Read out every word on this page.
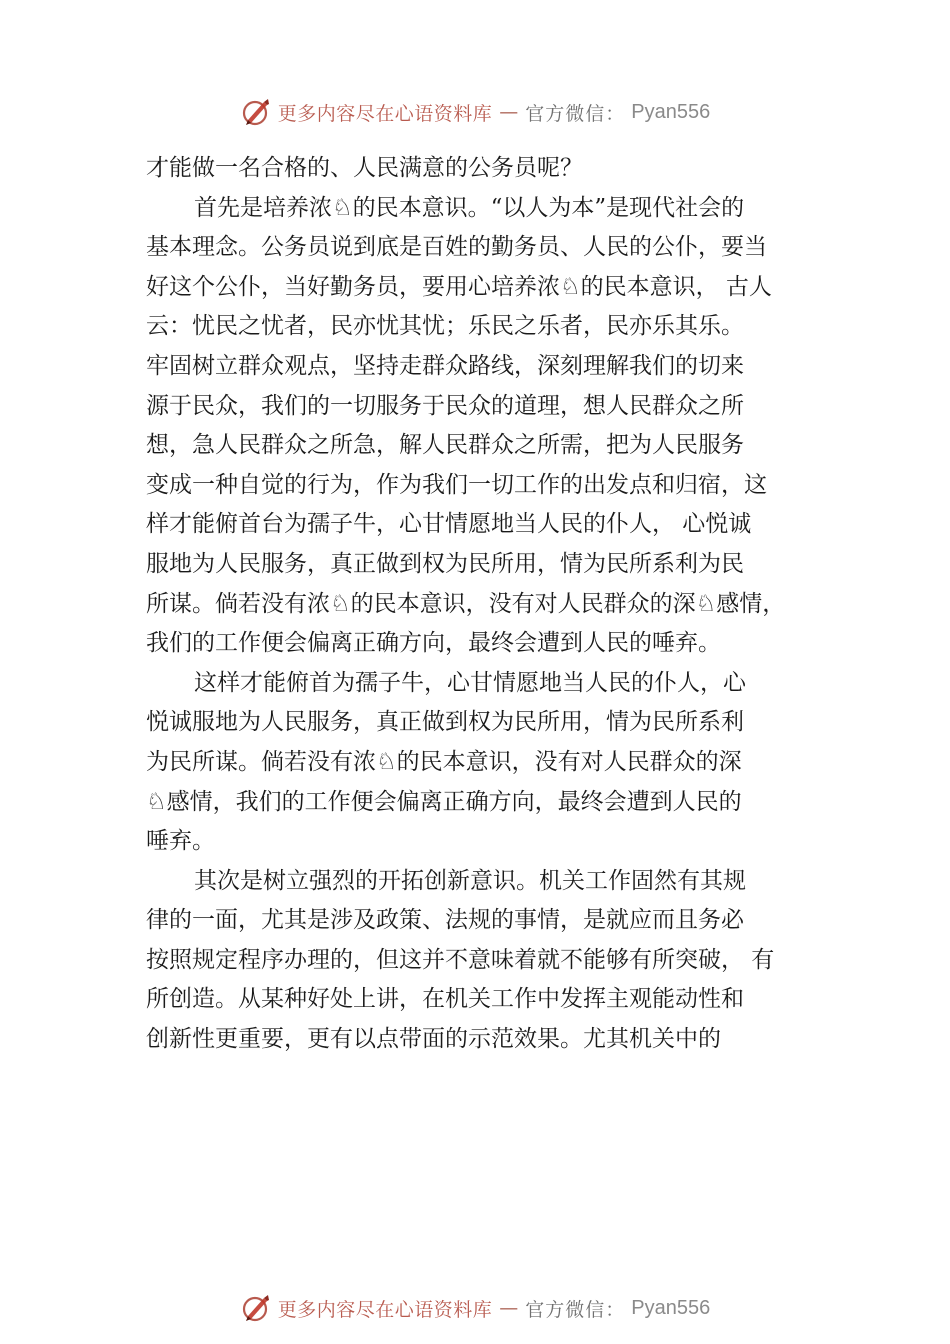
更多内容尽在心语资料库 — 官方微信： Pyan556
才能做一名合格的、人民满意的公务员呢？
首先是培养浓♘的民本意识。“以人为本”是现代社会的
基本理念。公务员说到底是百姓的勤务员、人民的公仆，要当
好这个公仆，当好勤务员，要用心培养浓♘的民本意识， 古人
云：忧民之忧者，民亦忧其忧；乐民之乐者，民亦乐其乐。
牢固树立群众观点，坚持走群众路线，深刻理解我们的切来
源于民众，我们的一切服务于民众的道理，想人民群众之所
想，急人民群众之所急，解人民群众之所需，把为人民服务
变成一种自觉的行为，作为我们一切工作的出发点和归宿，这
样才能俯首台为孺子牛，心甘情愿地当人民的仆人， 心悦诚
服地为人民服务，真正做到权为民所用，情为民所系利为民
所谋。倘若没有浓♘的民本意识，没有对人民群众的深♘感情，
我们的工作便会偏离正确方向，最终会遭到人民的唾弃。
这样才能俯首为孺子牛，心甘情愿地当人民的仆人，心
悦诚服地为人民服务，真正做到权为民所用，情为民所系利
为民所谋。倘若没有浓♘的民本意识，没有对人民群众的深
♘感情，我们的工作便会偏离正确方向，最终会遭到人民的
唾弃。
其次是树立强烈的开拓创新意识。机关工作固然有其规
律的一面，尤其是涉及政策、法规的事情，是就应而且务必
按照规定程序办理的，但这并不意味着就不能够有所突破， 有
所创造。从某种好处上讲，在机关工作中发挥主观能动性和
创新性更重要，更有以点带面的示范效果。尤其机关中的
更多内容尽在心语资料库 — 官方微信： Pyan556
